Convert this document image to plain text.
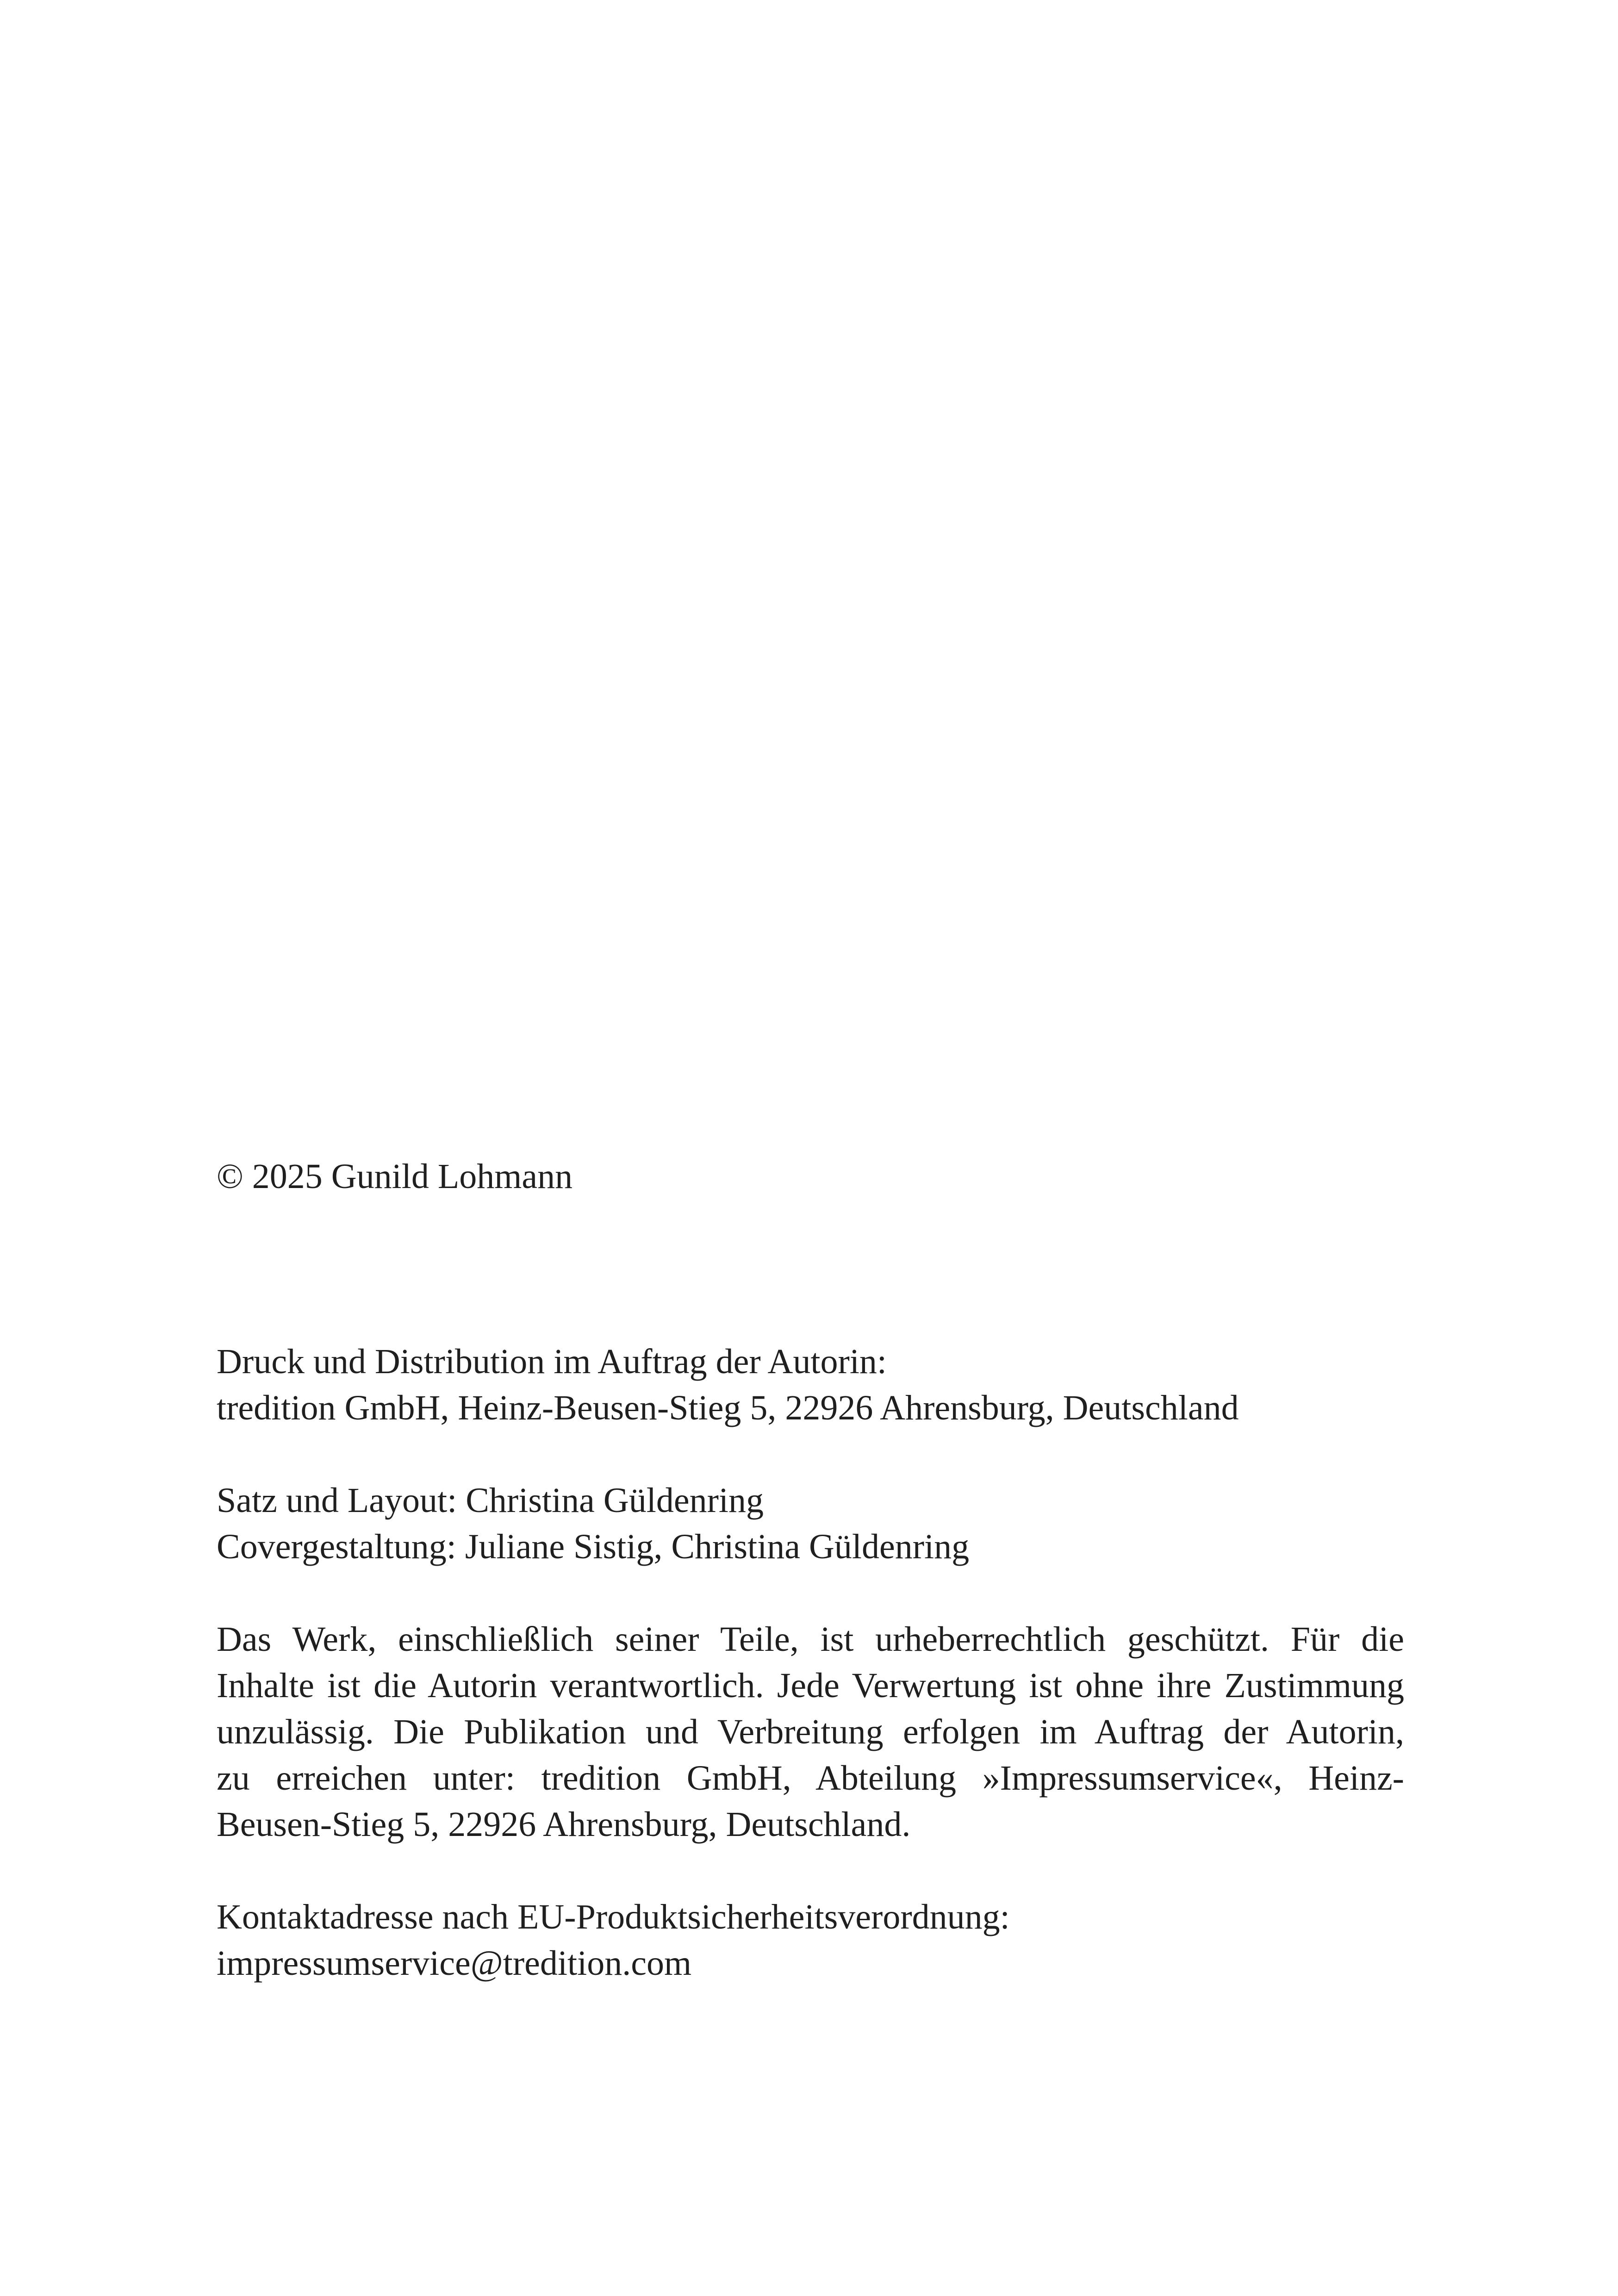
© 2025 Gunild Lohmann

Druck und Distribution im Auftrag der Autorin:
tredition GmbH, Heinz-Beusen-Stieg 5, 22926 Ahrensburg, Deutschland

Satz und Layout: Christina Güldenring
Covergestaltung: Juliane Sistig, Christina Güldenring

Das Werk, einschließlich seiner Teile, ist urheberrechtlich geschützt. Für die
Inhalte ist die Autorin verantwortlich. Jede Verwertung ist ohne ihre Zustimmung
unzulässig. Die Publikation und Verbreitung erfolgen im Auftrag der Autorin,
zu erreichen unter: tredition GmbH, Abteilung »Impressumservice«, Heinz-
Beusen-Stieg 5, 22926 Ahrensburg, Deutschland.

Kontaktadresse nach EU-Produktsicherheitsverordnung:
impressumservice@tredition.com
